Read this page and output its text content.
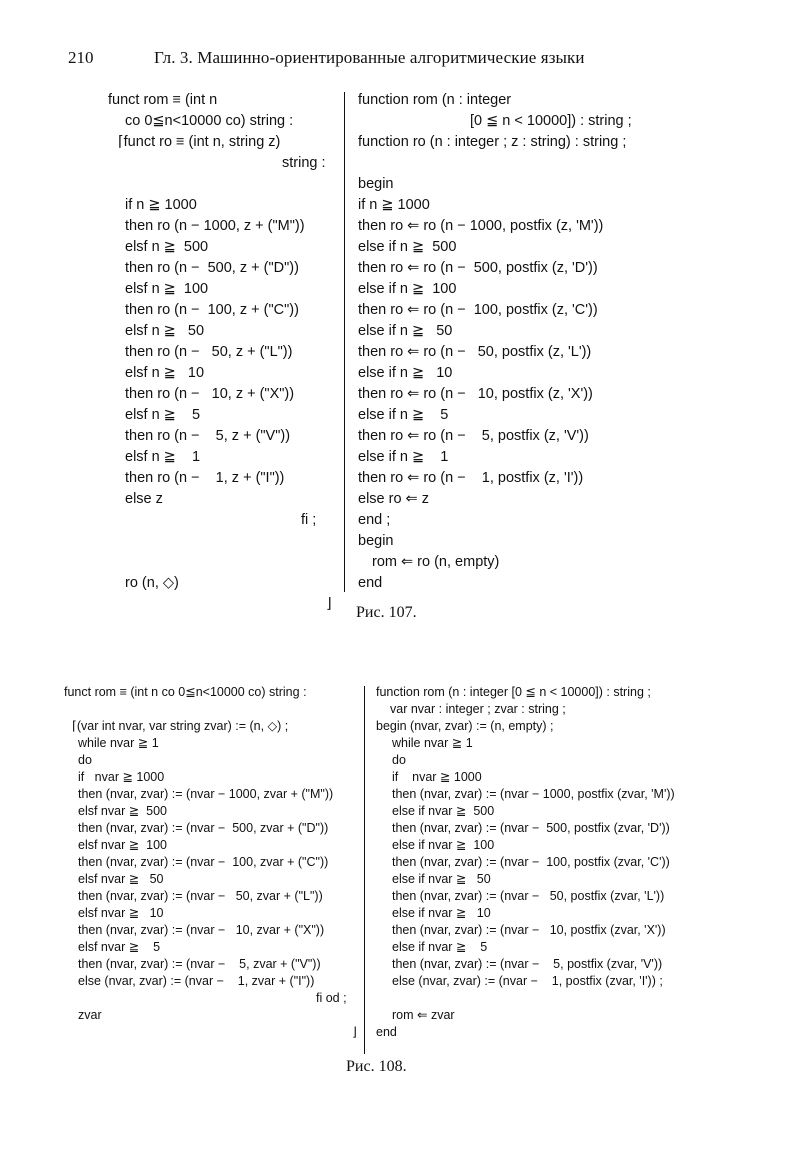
210	Гл. 3. Машинно-ориентированные алгоритмические языки
funct rom ≡ (int n
co 0≦n<10000 co) string :
⌈funct ro ≡ (int n, string z)
string :
if n ≧ 1000
then ro (n − 1000, z + ("M"))
elsf n ≧  500
then ro (n −  500, z + ("D"))
elsf n ≧  100
then ro (n −  100, z + ("C"))
elsf n ≧   50
then ro (n −   50, z + ("L"))
elsf n ≧   10
then ro (n −   10, z + ("X"))
elsf n ≧    5
then ro (n −    5, z + ("V"))
elsf n ≧    1
then ro (n −    1, z + ("I"))
else z
fi ;
ro (n, ◇)
⌋
function rom (n : integer
[0 ≦ n < 10000]) : string ;
function ro (n : integer ; z : string) : string ;
begin
if n ≧ 1000
then ro ⇐ ro (n − 1000, postfix (z, 'M'))
else if n ≧  500
then ro ⇐ ro (n −  500, postfix (z, 'D'))
else if n ≧  100
then ro ⇐ ro (n −  100, postfix (z, 'C'))
else if n ≧   50
then ro ⇐ ro (n −   50, postfix (z, 'L'))
else if n ≧   10
then ro ⇐ ro (n −   10, postfix (z, 'X'))
else if n ≧    5
then ro ⇐ ro (n −    5, postfix (z, 'V'))
else if n ≧    1
then ro ⇐ ro (n −    1, postfix (z, 'I'))
else ro ⇐ z
end ;
begin
rom ⇐ ro (n, empty)
end
Рис. 107.
funct rom ≡ (int n co 0≦n<10000 co) string :
⌈(var int nvar, var string zvar) := (n, ◇) ;
while nvar ≧ 1
do
if   nvar ≧ 1000
then (nvar, zvar) := (nvar − 1000, zvar + ("M"))
elsf nvar ≧  500
then (nvar, zvar) := (nvar −  500, zvar + ("D"))
elsf nvar ≧  100
then (nvar, zvar) := (nvar −  100, zvar + ("C"))
elsf nvar ≧   50
then (nvar, zvar) := (nvar −   50, zvar + ("L"))
elsf nvar ≧   10
then (nvar, zvar) := (nvar −   10, zvar + ("X"))
elsf nvar ≧    5
then (nvar, zvar) := (nvar −    5, zvar + ("V"))
else (nvar, zvar) := (nvar −    1, zvar + ("I"))
fi od ;
zvar
⌋
function rom (n : integer [0 ≦ n < 10000]) : string ;
var nvar : integer ; zvar : string ;
begin (nvar, zvar) := (n, empty) ;
while nvar ≧ 1
do
if    nvar ≧ 1000
then (nvar, zvar) := (nvar − 1000, postfix (zvar, 'M'))
else if nvar ≧  500
then (nvar, zvar) := (nvar −  500, postfix (zvar, 'D'))
else if nvar ≧  100
then (nvar, zvar) := (nvar −  100, postfix (zvar, 'C'))
else if nvar ≧   50
then (nvar, zvar) := (nvar −   50, postfix (zvar, 'L'))
else if nvar ≧   10
then (nvar, zvar) := (nvar −   10, postfix (zvar, 'X'))
else if nvar ≧    5
then (nvar, zvar) := (nvar −    5, postfix (zvar, 'V'))
else (nvar, zvar) := (nvar −    1, postfix (zvar, 'I')) ;
rom ⇐ zvar
end
Рис. 108.
